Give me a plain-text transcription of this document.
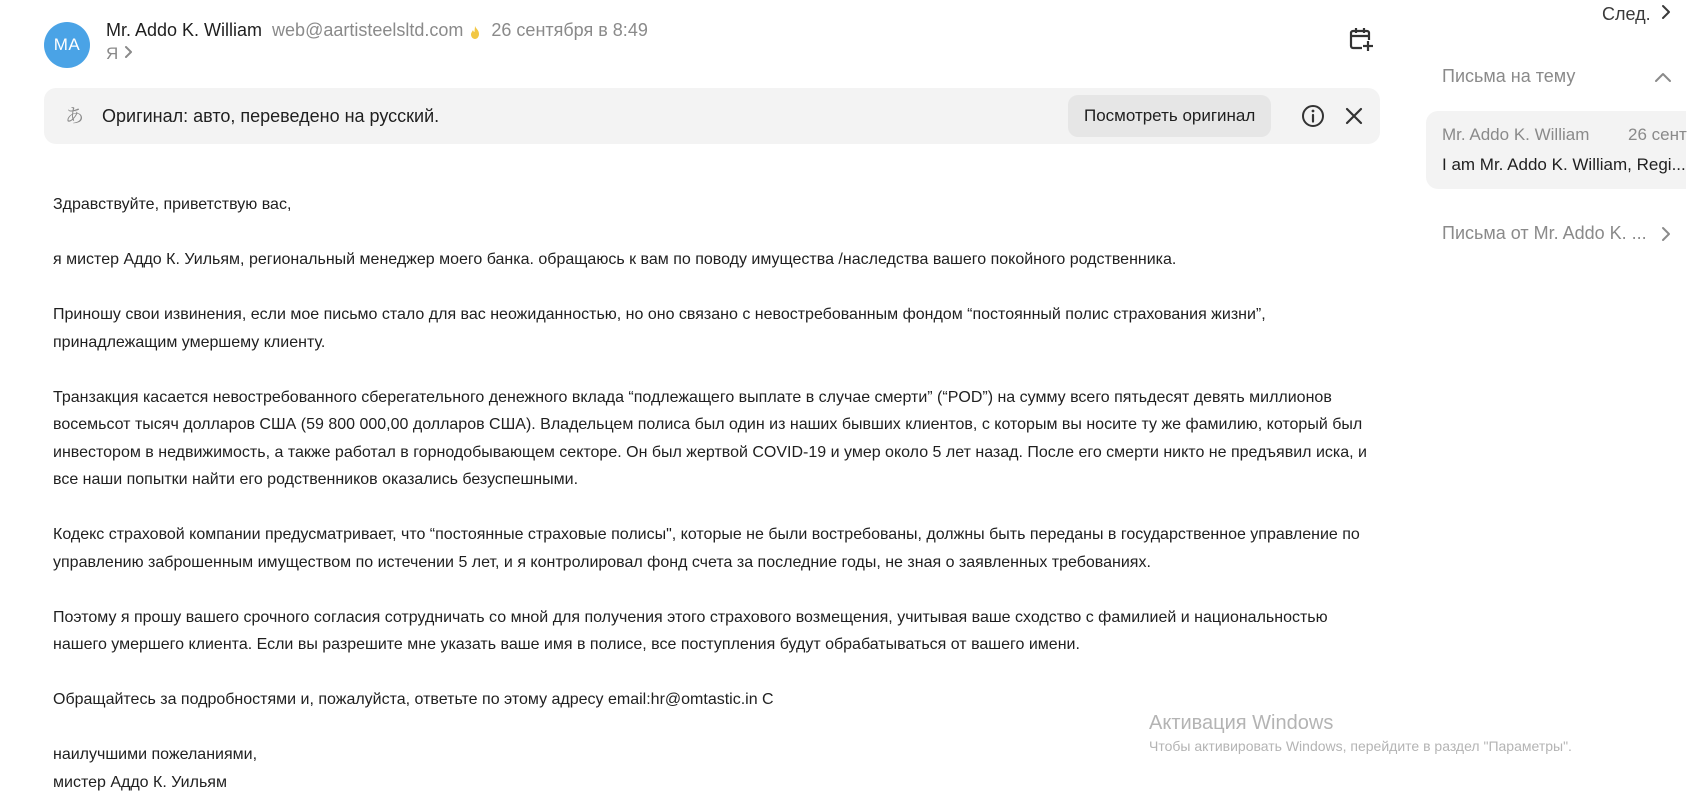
MA
Mr. Addo K. William web@aartisteelsltd.com 26 сентября в 8:49
Я
あ Оригинал: авто, переведено на русский.	Посмотреть оригинал

Здравствуйте, приветствую вас,

я мистер Аддо К. Уильям, региональный менеджер моего банка. обращаюсь к вам по поводу имущества /наследства вашего покойного родственника.

Приношу свои извинения, если мое письмо стало для вас неожиданностью, но оно связано с невостребованным фондом “постоянный полис страхования жизни”, принадлежащим умершему клиенту.

Транзакция касается невостребованного сберегательного денежного вклада “подлежащего выплате в случае смерти” (“POD”) на сумму всего пятьдесят девять миллионов восемьсот тысяч долларов США (59 800 000,00 долларов США). Владельцем полиса был один из наших бывших клиентов, с которым вы носите ту же фамилию, который был инвестором в недвижимость, а также работал в горнодобывающем секторе. Он был жертвой COVID-19 и умер около 5 лет назад. После его смерти никто не предъявил иска, и все наши попытки найти его родственников оказались безуспешными.

Кодекс страховой компании предусматривает, что “постоянные страховые полисы", которые не были востребованы, должны быть переданы в государственное управление по управлению заброшенным имуществом по истечении 5 лет, и я контролировал фонд счета за последние годы, не зная о заявленных требованиях.

Поэтому я прошу вашего срочного согласия сотрудничать со мной для получения этого страхового возмещения, учитывая ваше сходство с фамилией и национальностью нашего умершего клиента. Если вы разрешите мне указать ваше имя в полисе, все поступления будут обрабатываться от вашего имени.

Обращайтесь за подробностями и, пожалуйста, ответьте по этому адресу email:hr@omtastic.in С

наилучшими пожеланиями,

мистер Аддо К. Уильям

След.
Письма на тему
Mr. Addo K. William 26 сент
I am Mr. Addo K. William, Regi...
Письма от Mr. Addo K. ...
Активация Windows
Чтобы активировать Windows, перейдите в раздел "Параметры".
